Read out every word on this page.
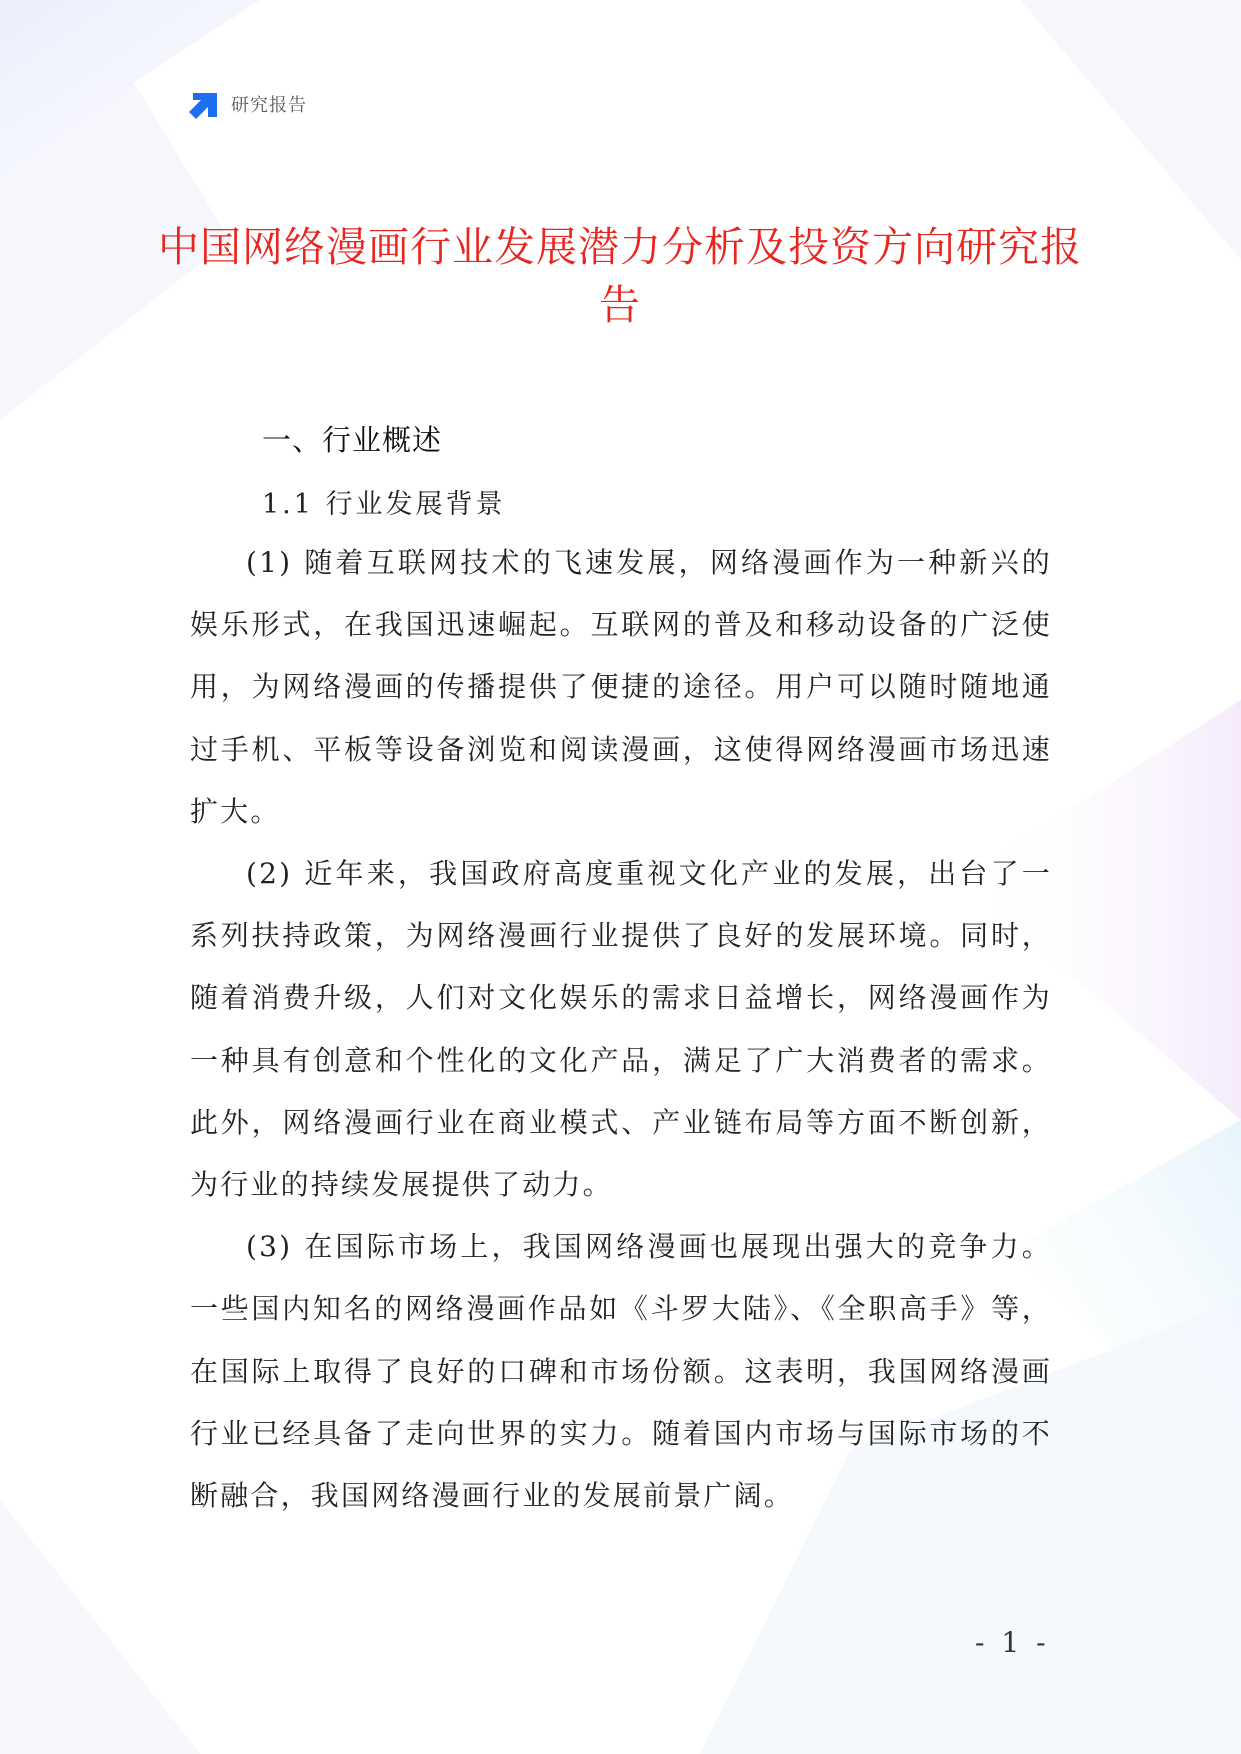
研究报告
中国网络漫画行业发展潜力分析及投资方向研究报告
一、行业概述
1.1 行业发展背景

(1) 随着互联网技术的飞速发展，网络漫画作为一种新兴的娱乐形式，在我国迅速崛起。互联网的普及和移动设备的广泛使用，为网络漫画的传播提供了便捷的途径。用户可以随时随地通过手机、平板等设备浏览和阅读漫画，这使得网络漫画市场迅速扩大。

(2) 近年来，我国政府高度重视文化产业的发展，出台了一系列扶持政策，为网络漫画行业提供了良好的发展环境。同时，随着消费升级，人们对文化娱乐的需求日益增长，网络漫画作为一种具有创意和个性化的文化产品，满足了广大消费者的需求。此外，网络漫画行业在商业模式、产业链布局等方面不断创新，为行业的持续发展提供了动力。

(3) 在国际市场上，我国网络漫画也展现出强大的竞争力。一些国内知名的网络漫画作品如《斗罗大陆》、《全职高手》等，在国际上取得了良好的口碑和市场份额。这表明，我国网络漫画行业已经具备了走向世界的实力。随着国内市场与国际市场的不断融合，我国网络漫画行业的发展前景广阔。

- 1 -
